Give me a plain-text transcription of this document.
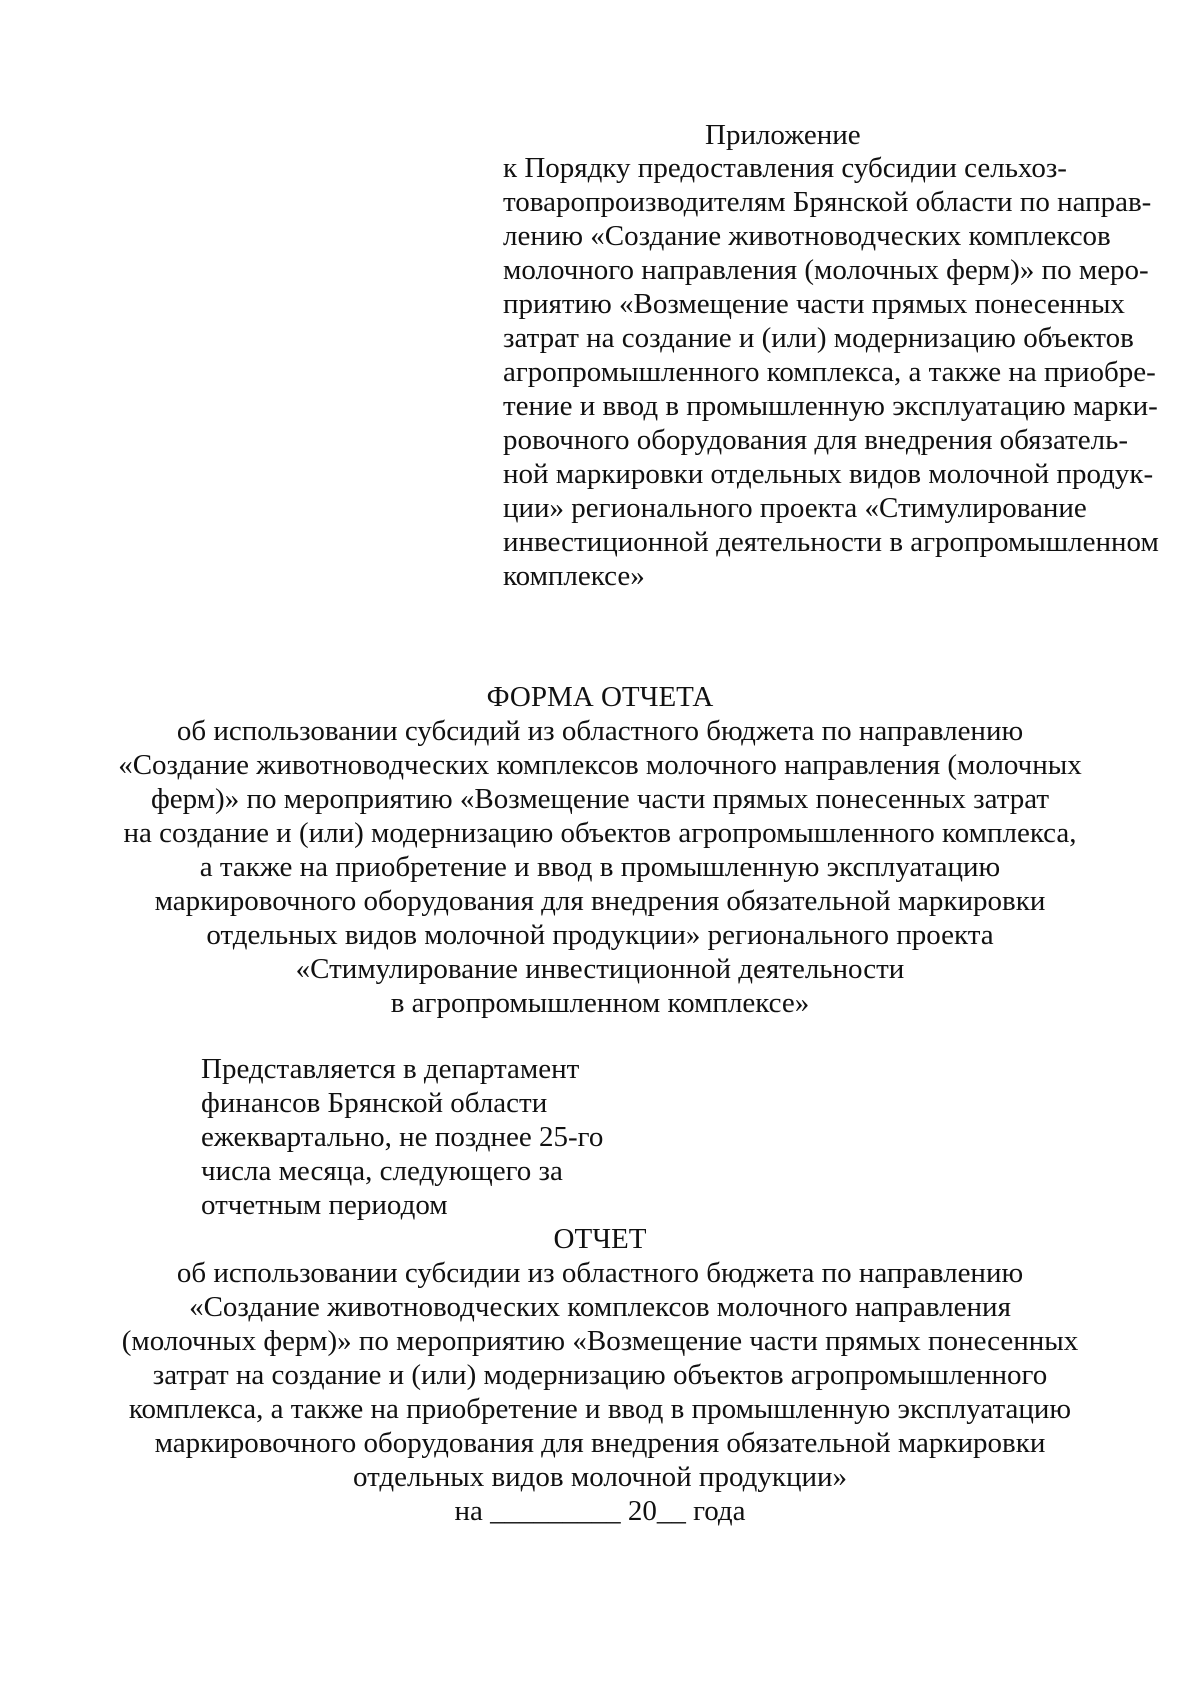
Приложение
к Порядку предоставления субсидии сельхоз-
товаропроизводителям Брянской области по направ-
лению «Создание животноводческих комплексов
молочного направления (молочных ферм)» по меро-
приятию «Возмещение части прямых понесенных
затрат на создание и (или) модернизацию объектов
агропромышленного комплекса, а также на приобре-
тение и ввод в промышленную эксплуатацию марки-
ровочного оборудования для внедрения обязатель-
ной маркировки отдельных видов молочной продук-
ции» регионального проекта «Стимулирование
инвестиционной деятельности в агропромышленном
комплексе»
ФОРМА ОТЧЕТА
об использовании субсидий из областного бюджета по направлению
«Создание животноводческих комплексов молочного направления (молочных
ферм)» по мероприятию «Возмещение части прямых понесенных затрат
на создание и (или) модернизацию объектов агропромышленного комплекса,
а также на приобретение и ввод в промышленную эксплуатацию
маркировочного оборудования для внедрения обязательной маркировки
отдельных видов молочной продукции» регионального проекта
«Стимулирование инвестиционной деятельности
в агропромышленном комплексе»
Представляется в департамент
финансов Брянской области
ежеквартально, не позднее 25-го
числа месяца, следующего за
отчетным периодом
ОТЧЕТ
об использовании субсидии из областного бюджета по направлению
«Создание животноводческих комплексов молочного направления
(молочных ферм)» по мероприятию «Возмещение части прямых понесенных
затрат на создание и (или) модернизацию объектов агропромышленного
комплекса, а также на приобретение и ввод в промышленную эксплуатацию
маркировочного оборудования для внедрения обязательной маркировки
отдельных видов молочной продукции»
на _________ 20__ года
